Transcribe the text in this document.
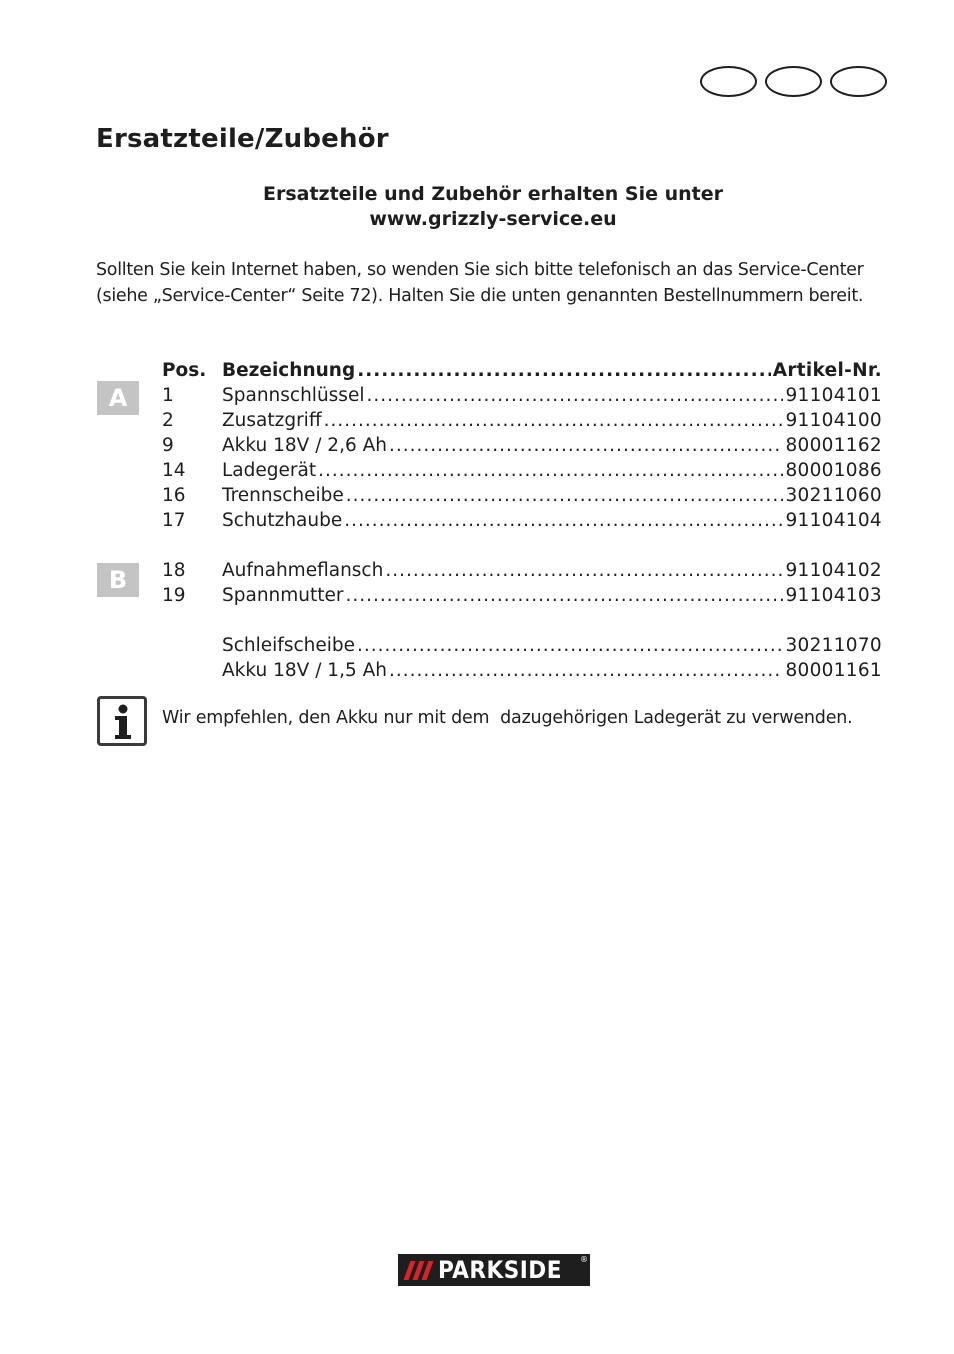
Ersatzteile/Zubehör
Ersatzteile und Zubehör erhalten Sie unter
www.grizzly-service.eu

Sollten Sie kein Internet haben, so wenden Sie sich bitte telefonisch an das Service-Center (siehe „Service-Center“ Seite 72). Halten Sie die unten genannten Bestellnummern bereit.

A
B
Pos. Bezeichnung .....	Artikel-Nr.
1	Spannschlüssel .....	91104101
2	Zusatzgriff .....	91104100
9	Akku 18V / 2,6 Ah .....	80001162
14 Ladegerät .....	80001086
16 Trennscheibe .....	30211060
17 Schutzhaube .....	91104104
18 Aufnahmeflansch .....	91104102
19 Spannmutter .....	91104103
Schleifscheibe .....	30211070
Akku 18V / 1,5 Ah .....	80001161
Wir empfehlen, den Akku nur mit dem  dazugehörigen Ladegerät zu verwenden.
PARKSIDE ®
